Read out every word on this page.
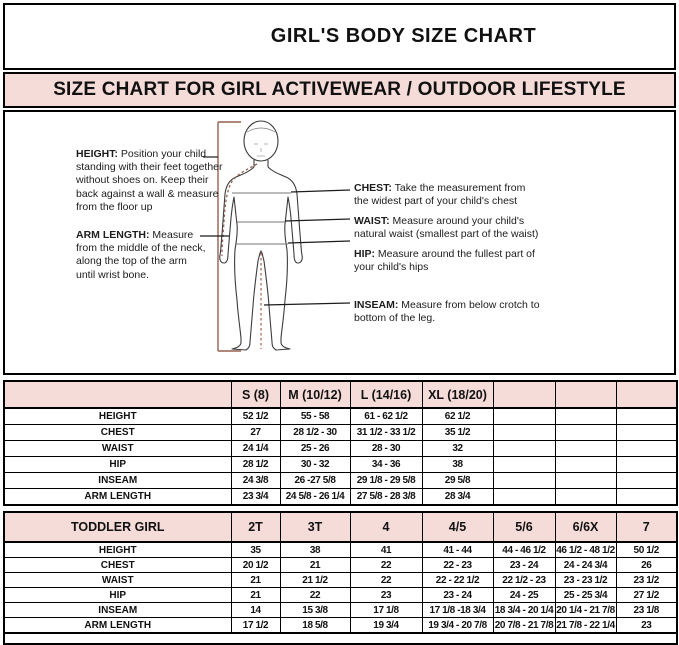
GIRL'S BODY SIZE CHART
SIZE CHART FOR GIRL ACTIVEWEAR / OUTDOOR LIFESTYLE
HEIGHT: Position your child standing with their feet together without shoes on. Keep their back against a wall & measure from the floor up
ARM LENGTH: Measure from the middle of the neck, along the top of the arm until wrist bone.
CHEST: Take the measurement from the widest part of your child's chest
WAIST: Measure around your child's natural waist (smallest part of the waist)
HIP: Measure around the fullest part of your child's hips
INSEAM: Measure from below crotch to bottom of the leg.
	S (8)	M (10/12)	L (14/16)	XL (18/20)			
HEIGHT	52 1/2	55 - 58	61 - 62 1/2	62 1/2			
CHEST	27	28 1/2 - 30	31 1/2 - 33 1/2	35 1/2			
WAIST	24 1/4	25 - 26	28 - 30	32			
HIP	28 1/2	30 - 32	34 - 36	38			
INSEAM	24 3/8	26 -27 5/8	29 1/8 - 29 5/8	29 5/8			
ARM LENGTH	23 3/4	24 5/8 - 26 1/4	27 5/8 - 28 3/8	28 3/4			
TODDLER GIRL	2T	3T	4	4/5	5/6	6/6X	7
HEIGHT	35	38	41	41 - 44	44 - 46 1/2	46 1/2 - 48 1/2	50 1/2
CHEST	20 1/2	21	22	22 - 23	23 - 24	24 - 24 3/4	26
WAIST	21	21 1/2	22	22 - 22 1/2	22 1/2 - 23	23 - 23 1/2	23 1/2
HIP	21	22	23	23 - 24	24 - 25	25 - 25 3/4	27 1/2
INSEAM	14	15 3/8	17 1/8	17 1/8 -18 3/4	18 3/4 - 20 1/4	20 1/4 - 21 7/8	23 1/8
ARM LENGTH	17 1/2	18 5/8	19 3/4	19 3/4 - 20 7/8	20 7/8 - 21 7/8	21 7/8 - 22 1/4	23
